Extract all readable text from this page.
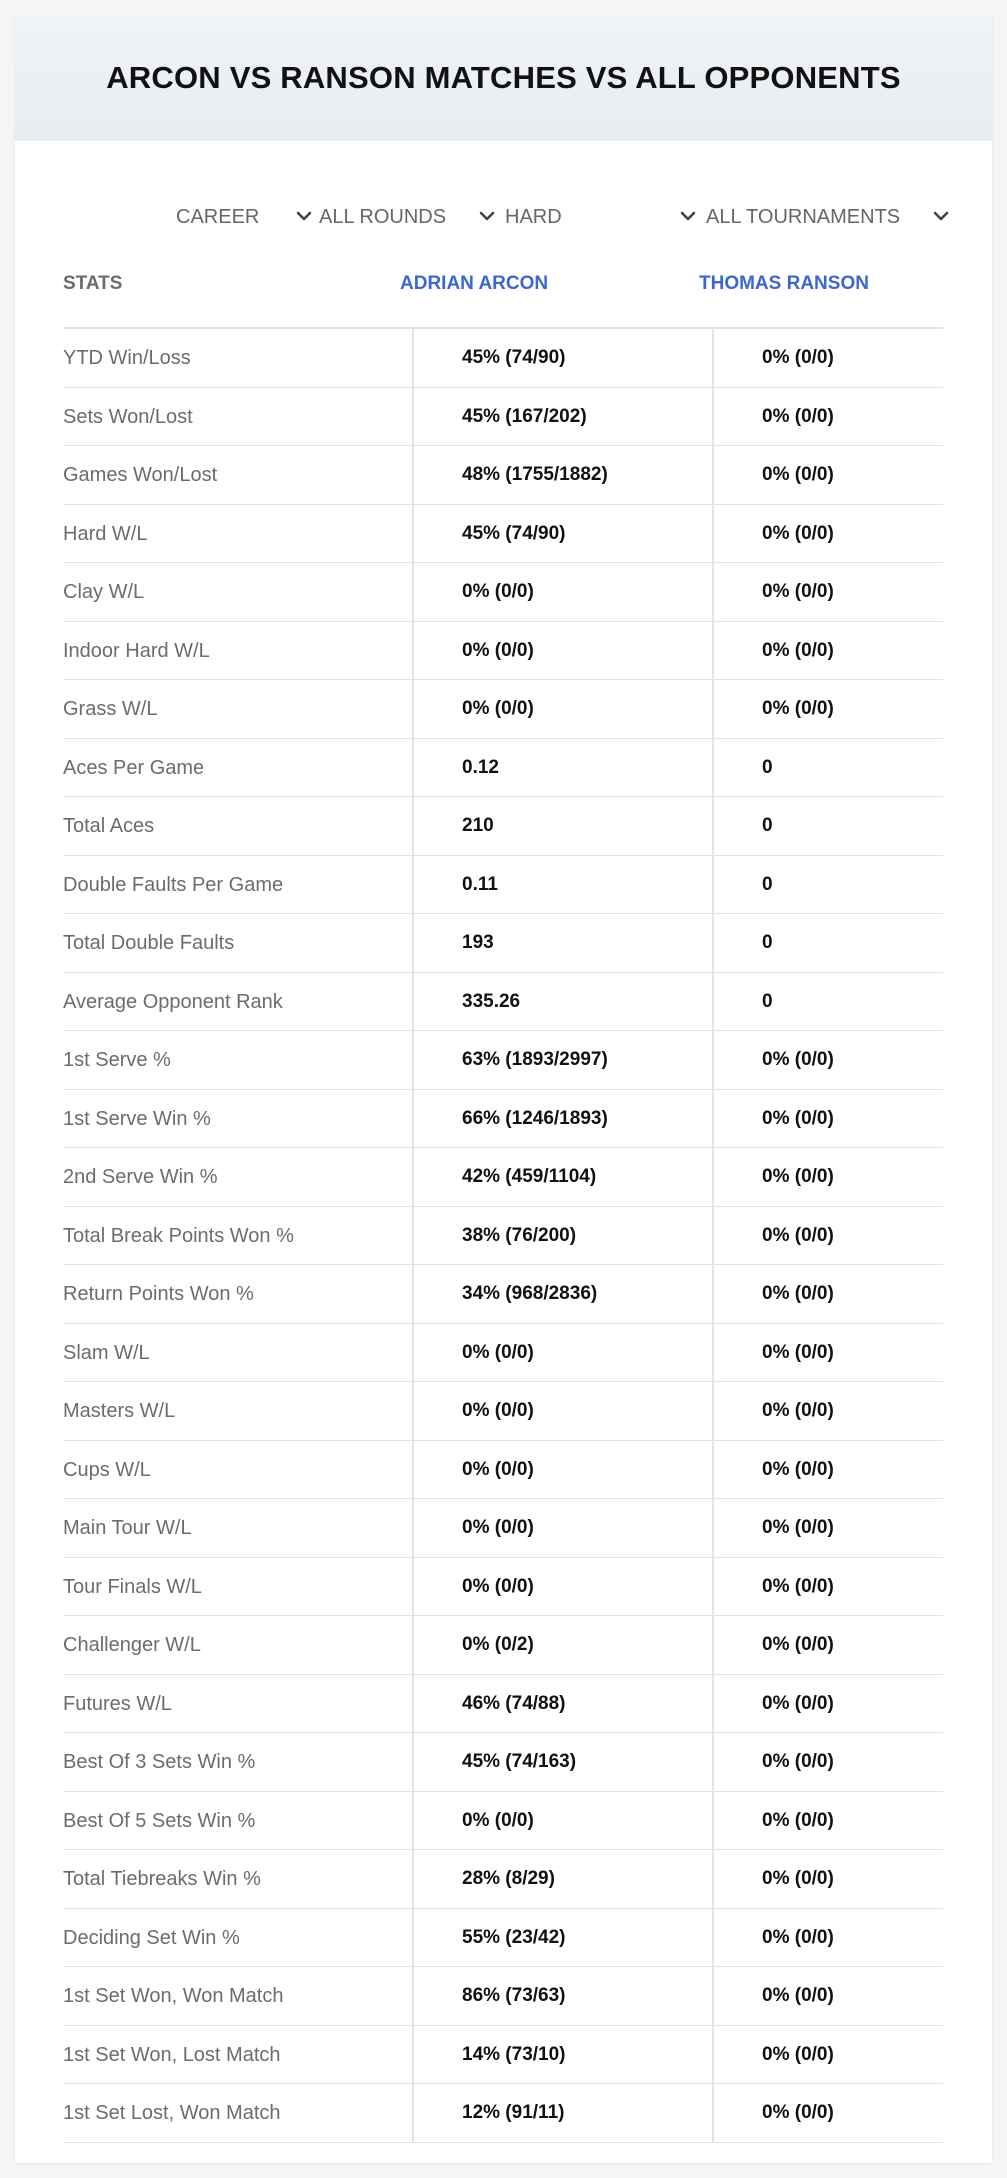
ARCON VS RANSON MATCHES VS ALL OPPONENTS
CAREER	ALL ROUNDS	HARD	ALL TOURNAMENTS
STATS	ADRIAN ARCON	THOMAS RANSON
YTD Win/Loss	45% (74/90)	0% (0/0)
Sets Won/Lost	45% (167/202)	0% (0/0)
Games Won/Lost	48% (1755/1882)	0% (0/0)
Hard W/L	45% (74/90)	0% (0/0)
Clay W/L	0% (0/0)	0% (0/0)
Indoor Hard W/L	0% (0/0)	0% (0/0)
Grass W/L	0% (0/0)	0% (0/0)
Aces Per Game	0.12	0
Total Aces	210	0
Double Faults Per Game	0.11	0
Total Double Faults	193	0
Average Opponent Rank	335.26	0
1st Serve %	63% (1893/2997)	0% (0/0)
1st Serve Win %	66% (1246/1893)	0% (0/0)
2nd Serve Win %	42% (459/1104)	0% (0/0)
Total Break Points Won %	38% (76/200)	0% (0/0)
Return Points Won %	34% (968/2836)	0% (0/0)
Slam W/L	0% (0/0)	0% (0/0)
Masters W/L	0% (0/0)	0% (0/0)
Cups W/L	0% (0/0)	0% (0/0)
Main Tour W/L	0% (0/0)	0% (0/0)
Tour Finals W/L	0% (0/0)	0% (0/0)
Challenger W/L	0% (0/2)	0% (0/0)
Futures W/L	46% (74/88)	0% (0/0)
Best Of 3 Sets Win %	45% (74/163)	0% (0/0)
Best Of 5 Sets Win %	0% (0/0)	0% (0/0)
Total Tiebreaks Win %	28% (8/29)	0% (0/0)
Deciding Set Win %	55% (23/42)	0% (0/0)
1st Set Won, Won Match	86% (73/63)	0% (0/0)
1st Set Won, Lost Match	14% (73/10)	0% (0/0)
1st Set Lost, Won Match	12% (91/11)	0% (0/0)
